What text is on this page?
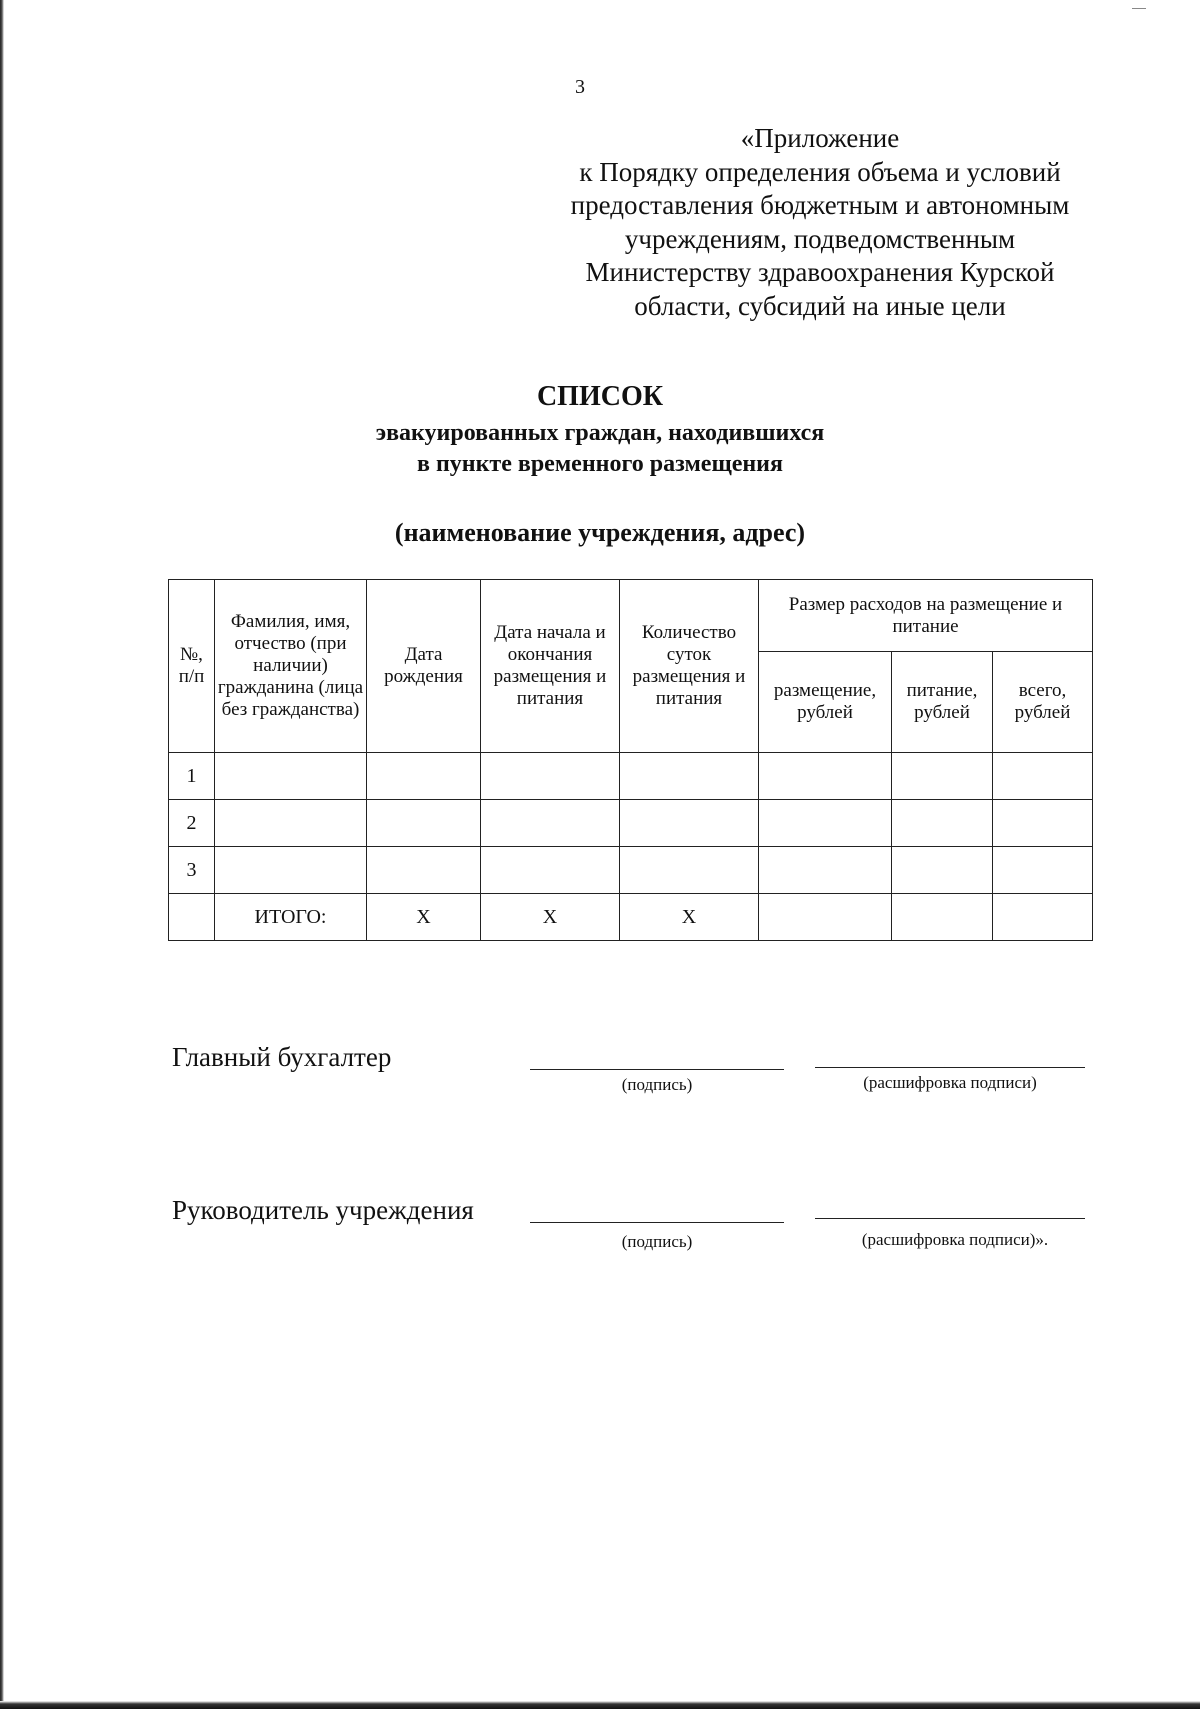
3
«Приложение
к Порядку определения объема и условий
предоставления бюджетным и автономным
учреждениям, подведомственным
Министерству здравоохранения Курской
области, субсидий на иные цели
СПИСОК
эвакуированных граждан, находившихся
в пункте временного размещения
(наименование учреждения, адрес)
№, п/п	Фамилия, имя, отчество (при наличии) гражданина (лица без гражданства)	Дата рождения	Дата начала и окончания размещения и питания	Количество суток размещения и питания	Размер расходов на размещение и питание		
					размещение, рублей	питание, рублей	всего, рублей
1							
2							
3							
	ИТОГО:	Х	Х	Х			
Главный бухгалтер
(подпись)	(расшифровка подписи)
Руководитель учреждения
(подпись)	(расшифровка подписи)».
